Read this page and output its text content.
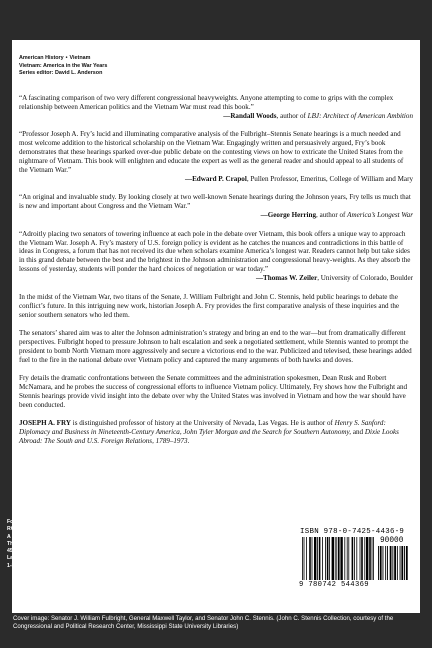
American History • Vietnam
Vietnam: America in the War Years
Series editor: David L. Anderson
“A fascinating comparison of two very different congressional heavyweights. Anyone attempting to come to grips with the complex relationship between American politics and the Vietnam War must read this book.”
—Randall Woods, author of LBJ: Architect of American Ambition
“Professor Joseph A. Fry’s lucid and illuminating comparative analysis of the Fulbright–Stennis Senate hearings is a much needed and most welcome addition to the historical scholarship on the Vietnam War. Engagingly written and persuasively argued, Fry’s book demonstrates that these hearings sparked over-due public debate on the contesting views on how to extricate the United States from the nightmare of Vietnam. This book will enlighten and educate the expert as well as the general reader and should appeal to all students of the Vietnam War.”
—Edward P. Crapol, Pullen Professor, Emeritus, College of William and Mary
“An original and invaluable study. By looking closely at two well-known Senate hearings during the Johnson years, Fry tells us much that is new and important about Congress and the Vietnam War.”
—George Herring, author of America’s Longest War
“Adroitly placing two senators of towering influence at each pole in the debate over Vietnam, this book offers a unique way to approach the Vietnam War. Joseph A. Fry’s mastery of U.S. foreign policy is evident as he catches the nuances and contradictions in this battle of ideas in Congress, a forum that has not received its due when scholars examine America’s longest war. Readers cannot help but take sides in this grand debate between the best and the brightest in the Johnson administration and congressional heavy-weights. As they absorb the lessons of yesterday, students will ponder the hard choices of negotiation or war today.”
—Thomas W. Zeiler, University of Colorado, Boulder

In the midst of the Vietnam War, two titans of the Senate, J. William Fulbright and John C. Stennis, held public hearings to debate the conflict’s future. In this intriguing new work, historian Joseph A. Fry provides the first comparative analysis of these inquiries and the senior southern senators who led them.

The senators’ shared aim was to alter the Johnson administration’s strategy and bring an end to the war—but from dramatically different perspectives. Fulbright hoped to pressure Johnson to halt escalation and seek a negotiated settlement, while Stennis wanted to prompt the president to bomb North Vietnam more aggressively and secure a victorious end to the war. Publicized and televised, these hearings added fuel to the fire in the national debate over Vietnam policy and captured the many arguments of both hawks and doves.

Fry details the dramatic confrontations between the Senate committees and the administration spokesmen, Dean Rusk and Robert McNamara, and he probes the success of congressional efforts to influence Vietnam policy. Ultimately, Fry shows how the Fulbright and Stennis hearings provide vivid insight into the debate over why the United States was involved in Vietnam and how the war should have been conducted.

JOSEPH A. FRY is distinguished professor of history at the University of Nevada, Las Vegas. He is author of Henry S. Sanford: Diplomacy and Business in Nineteenth-Century America, John Tyler Morgan and the Search for Southern Autonomy, and Dixie Looks Abroad: The South and U.S. Foreign Relations, 1789–1973.

For orders and information please contact the publisher
ROWMAN & LITTLEFIELD PUBLISHERS, INC.
A wholly owned subsidiary of
The Rowman & Littlefield Publishing Group, Inc.
4501 Forbes Boulevard, Suite 200
Lanham, Maryland 20706
1-800-462-6420 ● www.rowmanlittlefield.com
ISBN 978-0-7425-4436-9
90000
9 780742 544369
Cover image: Senator J. William Fulbright, General Maxwell Taylor, and Senator John C. Stennis. (John C. Stennis Collection, courtesy of the Congressional and Political Research Center, Mississippi State University Libraries)
